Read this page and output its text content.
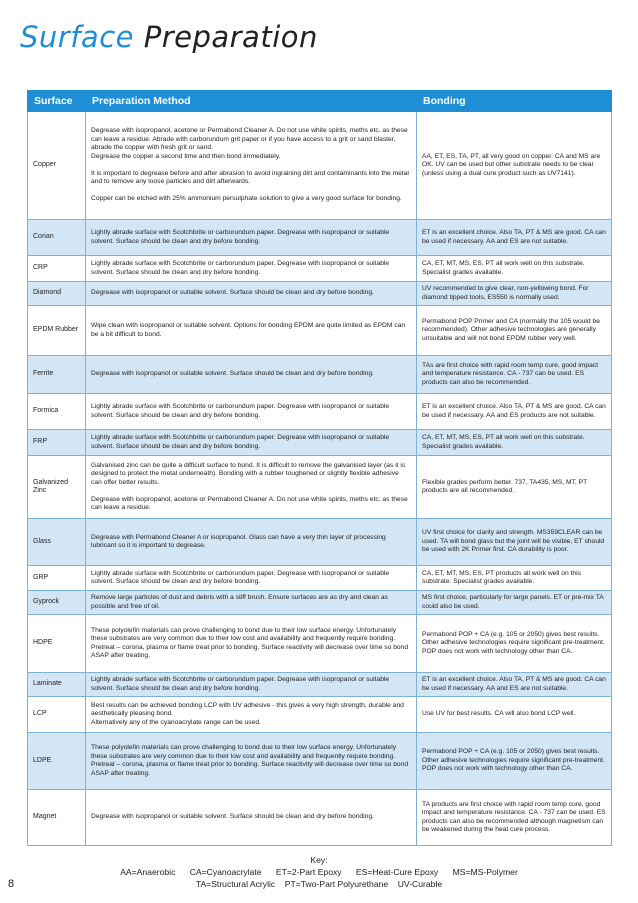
Surface Preparation
Surface	Preparation Method	Bonding
Copper	Degrease with isopropanol, acetone or Permabond Cleaner A. Do not use white spirits, meths etc. as these can leave a residue. Abrade with carborundum grit paper or if you have access to a grit or sand blaster, abrade the copper with fresh grit or sand.

Degrease the copper a second time and then bond immediately.

It is important to degrease before and after abrasion to avoid ingraining dirt and contaminants into the metal and to remove any loose particles and dirt afterwards.

Copper can be etched with 25% ammonium persulphate solution to give a very good surface for bonding.	AA, ET, ES, TA, PT, all very good on copper. CA and MS are OK. UV can be used but other substrate needs to be clear (unless using a dual cure product such as UV7141).
Corian	Lightly abrade surface with Scotchbrite or carborundum paper. Degrease with isopropanol or suitable solvent. Surface should be clean and dry before bonding.	ET is an excellent choice. Also TA, PT & MS are good. CA can be used if necessary. AA and ES are not suitable.
CRP	Lightly abrade surface with Scotchbrite or carborundum paper. Degrease with isopropanol or suitable solvent. Surface should be clean and dry before bonding.	CA, ET, MT, MS, ES, PT all work well on this substrate. Specialist grades available.
Diamond	Degrease with isopropanol or suitable solvent. Surface should be clean and dry before bonding.	UV recommended to give clear, non-yellowing bond. For diamond tipped tools, ES550 is normally used.
EPDM Rubber	Wipe clean with isopropanol or suitable solvent. Options for bonding EPDM are quite limited as EPDM can be a bit difficult to bond.	Permabond POP Primer and CA (normally the 105 would be recommended). Other adhesive technologies are generally unsuitable and will not bond EPDM rubber very well.
Ferrite	Degrease with isopropanol or suitable solvent. Surface should be clean and dry before bonding.	TAs are first choice with rapid room temp cure, good impact and temperature resistance. CA - 737 can be used. ES products can also be recommended.
Formica	Lightly abrade surface with Scotchbrite or carborundum paper. Degrease with isopropanol or suitable solvent. Surface should be clean and dry before bonding.	ET is an excellent choice. Also TA, PT & MS are good. CA can be used if necessary. AA and ES products are not suitable.
FRP	Lightly abrade surface with Scotchbrite or carborundum paper. Degrease with isopropanol or suitable solvent. Surface should be clean and dry before bonding.	CA, ET, MT, MS, ES, PT all work well on this substrate. Specialist grades available.
Galvanized Zinc	Galvanised zinc can be quite a difficult surface to bond. It is difficult to remove the galvanised layer (as it is designed to protect the metal underneath). Bonding with a rubber toughened or slightly flexible adhesive can offer better results.

Degrease with isopropanol, acetone or Permabond Cleaner A. Do not use white spirits, meths etc. as these can leave a residue.	Flexible grades perform better. 737, TA435, MS, MT, PT products are all recommended.
Glass	Degrease with Permabond Cleaner A or isopropanol. Glass can have a very thin layer of processing lubricant so it is important to degrease.	UV first choice for clarity and strength. MS359CLEAR can be used. TA will bond glass but the joint will be visible, ET should be used with 2K Primer first. CA durability is poor.
GRP	Lightly abrade surface with Scotchbrite or carborundum paper. Degrease with isopropanol or suitable solvent. Surface should be clean and dry before bonding.	CA, ET, MT, MS, ES, PT products all work well on this substrate. Specialist grades available.
Gyprock	Remove large particles of dust and debris with a stiff brush. Ensure surfaces are as dry and clean as possible and free of oil.	MS first choice, particularly for large panels. ET or pre-mix TA could also be used.
HDPE	These polyolefin materials can prove challenging to bond due to their low surface energy. Unfortunately these substrates are very common due to their low cost and availability and frequently require bonding.

Pretreat – corona, plasma or flame treat prior to bonding. Surface reactivity will decrease over time so bond ASAP after treating.	Permabond POP + CA (e.g. 105 or 2050) gives best results. Other adhesive technologies require significant pre-treatment. POP does not work with technology other than CA.
Laminate	Lightly abrade surface with Scotchbrite or carborundum paper. Degrease with isopropanol or suitable solvent. Surface should be clean and dry before bonding.	ET is an excellent choice. Also TA, PT & MS are good. CA can be used if necessary. AA and ES are not suitable.
LCP	Best results can be achieved bonding LCP with UV adhesive - this gives a very high strength, durable and aesthetically pleasing bond.

Alternatively any of the cyanoacrylate range can be used.	Use UV for best results. CA will also bond LCP well.
LDPE	These polyolefin materials can prove challenging to bond due to their low surface energy. Unfortunately these substrates are very common due to their low cost and availability and frequently require bonding.

Pretreat – corona, plasma or flame treat prior to bonding. Surface reactivity will decrease over time so bond ASAP after treating.	Permabond POP + CA (e.g. 105 or 2050) gives best results. Other adhesive technologies require significant pre-treatment. POP does not work with technology other than CA.
Magnet	Degrease with isopropanol or suitable solvent. Surface should be clean and dry before bonding.	TA products are first choice with rapid room temp cure, good impact and temperature resistance. CA - 737 can be used. ES products can also be recommended although magnetism can be weakened during the heat cure process.
Key:
AA=Anaerobic      CA=Cyanoacrylate      ET=2-Part Epoxy      ES=Heat-Cure Epoxy      MS=MS-Polymer
TA=Structural Acrylic    PT=Two-Part Polyurethane    UV-Curable
8
